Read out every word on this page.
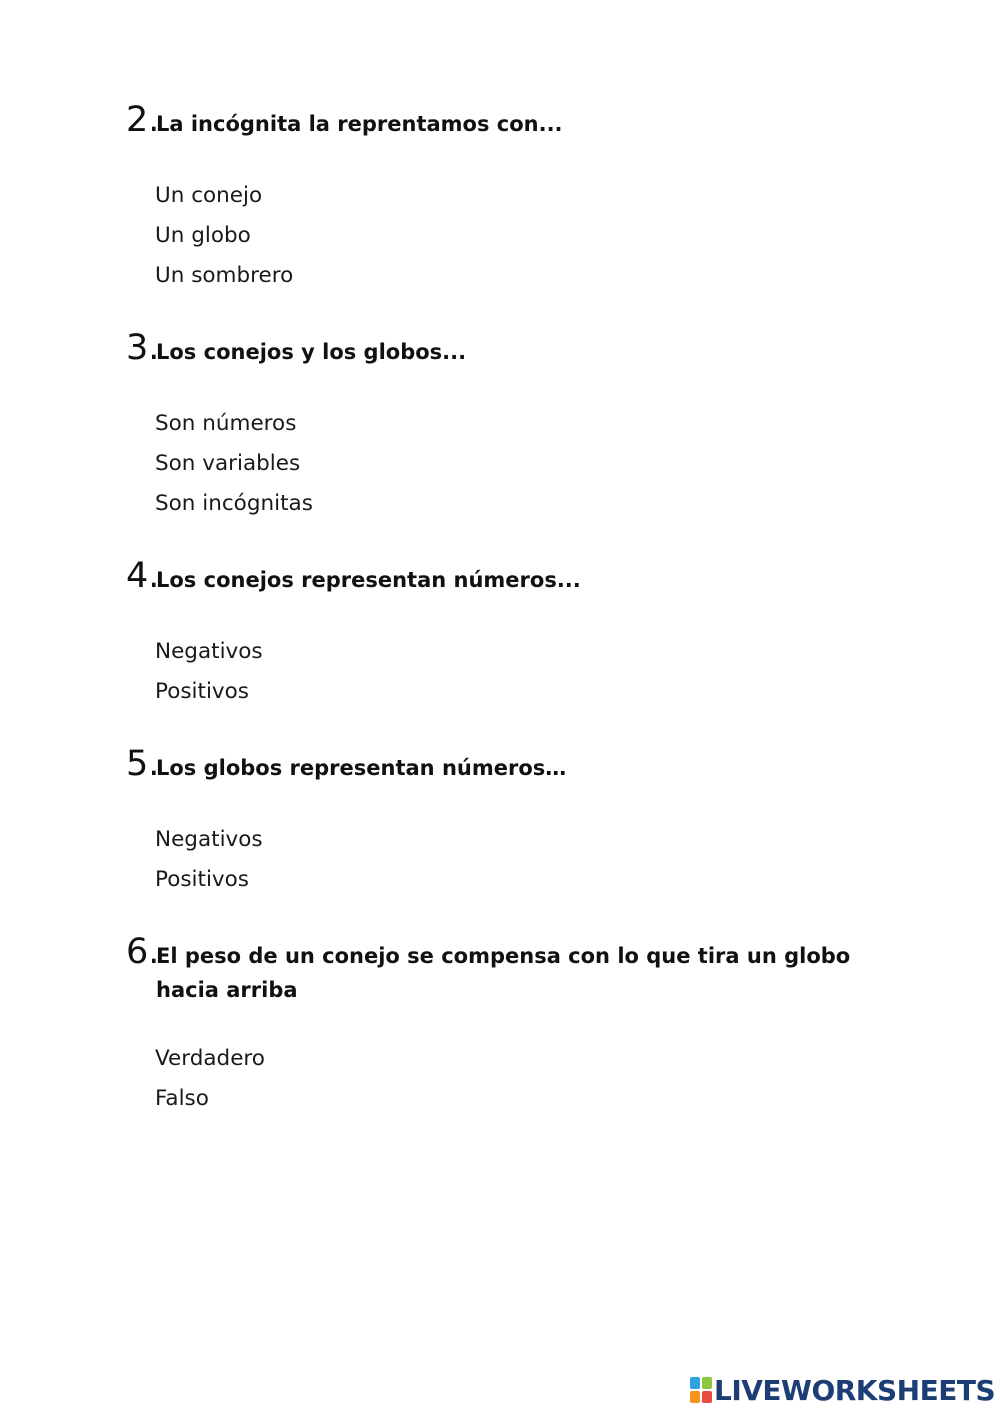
2.
La incógnita la reprentamos con...
Un conejo
Un globo
Un sombrero
3.
Los conejos y los globos...
Son números
Son variables
Son incógnitas
4.
Los conejos representan números...
Negativos
Positivos
5.
Los globos representan números…
Negativos
Positivos
6.
El peso de un conejo se compensa con lo que tira un globo hacia arriba
Verdadero
Falso
LIVEWORKSHEETS
